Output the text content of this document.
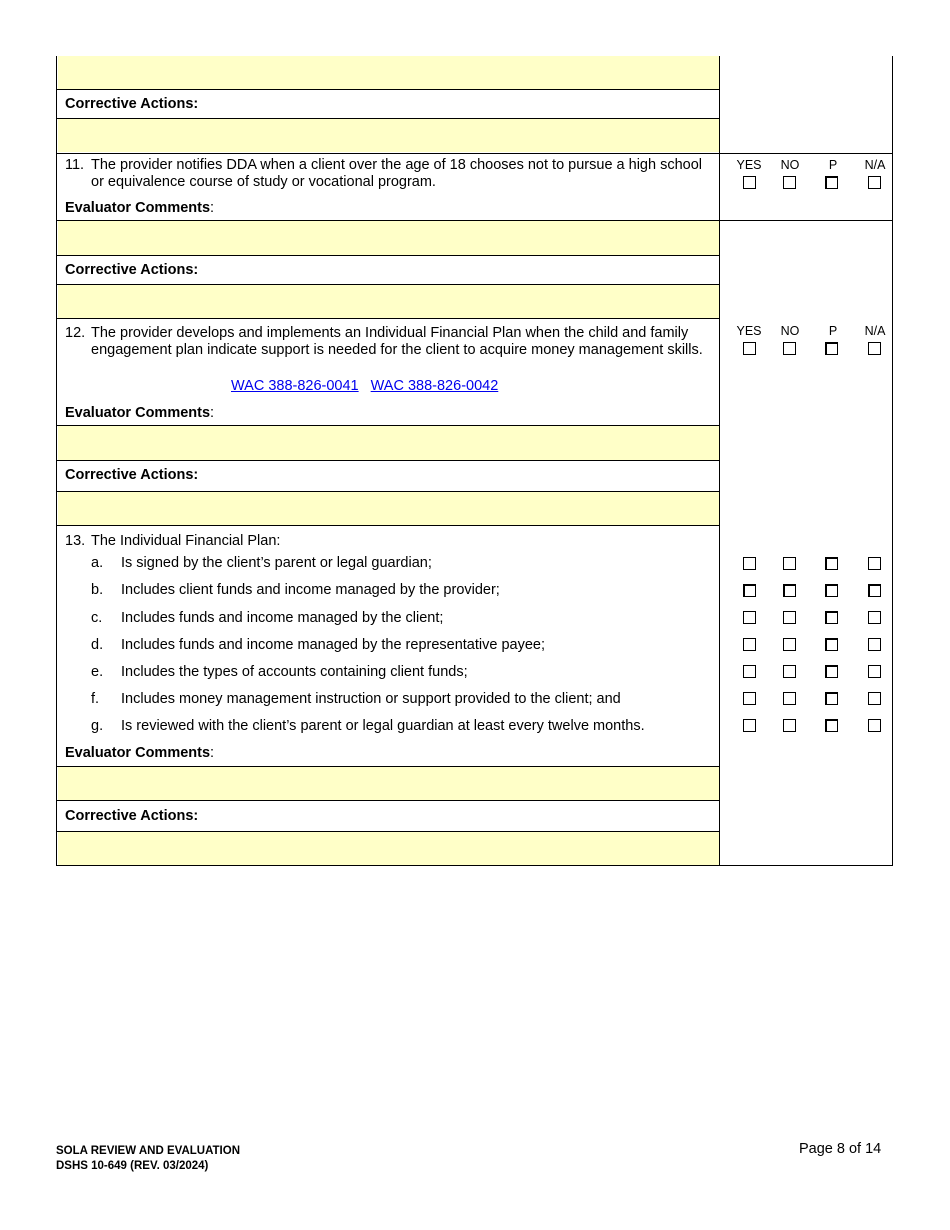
Corrective Actions:
11. The provider notifies DDA when a client over the age of 18 chooses not to pursue a high school or equivalence course of study or vocational program.
YES	NO	P	N/A
Evaluator Comments:
Corrective Actions:
12. The provider develops and implements an Individual Financial Plan when the child and family engagement plan indicate support is needed for the client to acquire money management skills.
WAC 388-826-0041 WAC 388-826-0042
YES	NO	P	N/A
Evaluator Comments:
Corrective Actions:
13. The Individual Financial Plan:
a. Is signed by the client’s parent or legal guardian;
b. Includes client funds and income managed by the provider;
c. Includes funds and income managed by the client;
d. Includes funds and income managed by the representative payee;
e. Includes the types of accounts containing client funds;
f. Includes money management instruction or support provided to the client; and
g. Is reviewed with the client’s parent or legal guardian at least every twelve months.
Evaluator Comments:
Corrective Actions:
SOLA REVIEW AND EVALUATION
DSHS 10-649 (REV. 03/2024)
Page 8 of 14
